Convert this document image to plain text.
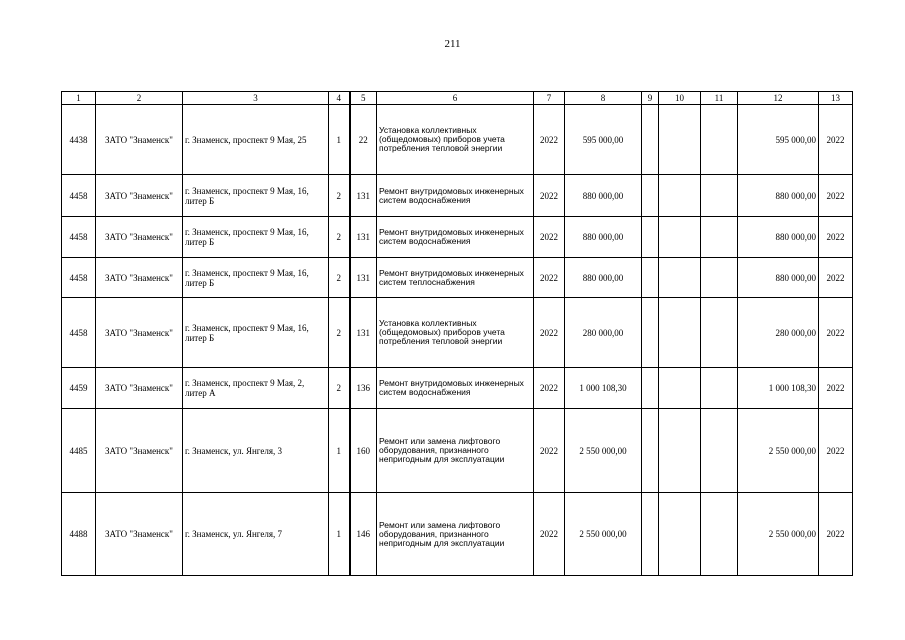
211
1	2	3	4	5	6	7	8	9	10	11	12	13
4438	ЗАТО "Знаменск"	г. Знаменск, проспект 9 Мая, 25	1	22	Установка коллективных (общедомовых) приборов учета потребления тепловой энергии	2022	595 000,00				595 000,00	2022
4458	ЗАТО "Знаменск"	г. Знаменск, проспект 9 Мая, 16, литер Б	2	131	Ремонт внутридомовых инженерных систем водоснабжения	2022	880 000,00				880 000,00	2022
4458	ЗАТО "Знаменск"	г. Знаменск, проспект 9 Мая, 16, литер Б	2	131	Ремонт внутридомовых инженерных систем водоснабжения	2022	880 000,00				880 000,00	2022
4458	ЗАТО "Знаменск"	г. Знаменск, проспект 9 Мая, 16, литер Б	2	131	Ремонт внутридомовых инженерных систем теплоснабжения	2022	880 000,00				880 000,00	2022
4458	ЗАТО "Знаменск"	г. Знаменск, проспект 9 Мая, 16, литер Б	2	131	Установка коллективных (общедомовых) приборов учета потребления тепловой энергии	2022	280 000,00				280 000,00	2022
4459	ЗАТО "Знаменск"	г. Знаменск, проспект 9 Мая, 2, литер А	2	136	Ремонт внутридомовых инженерных систем водоснабжения	2022	1 000 108,30				1 000 108,30	2022
4485	ЗАТО "Знаменск"	г. Знаменск, ул. Янгеля, 3	1	160	Ремонт или замена лифтового оборудования, признанного непригодным для эксплуатации	2022	2 550 000,00				2 550 000,00	2022
4488	ЗАТО "Знаменск"	г. Знаменск, ул. Янгеля, 7	1	146	Ремонт или замена лифтового оборудования, признанного непригодным для эксплуатации	2022	2 550 000,00				2 550 000,00	2022
